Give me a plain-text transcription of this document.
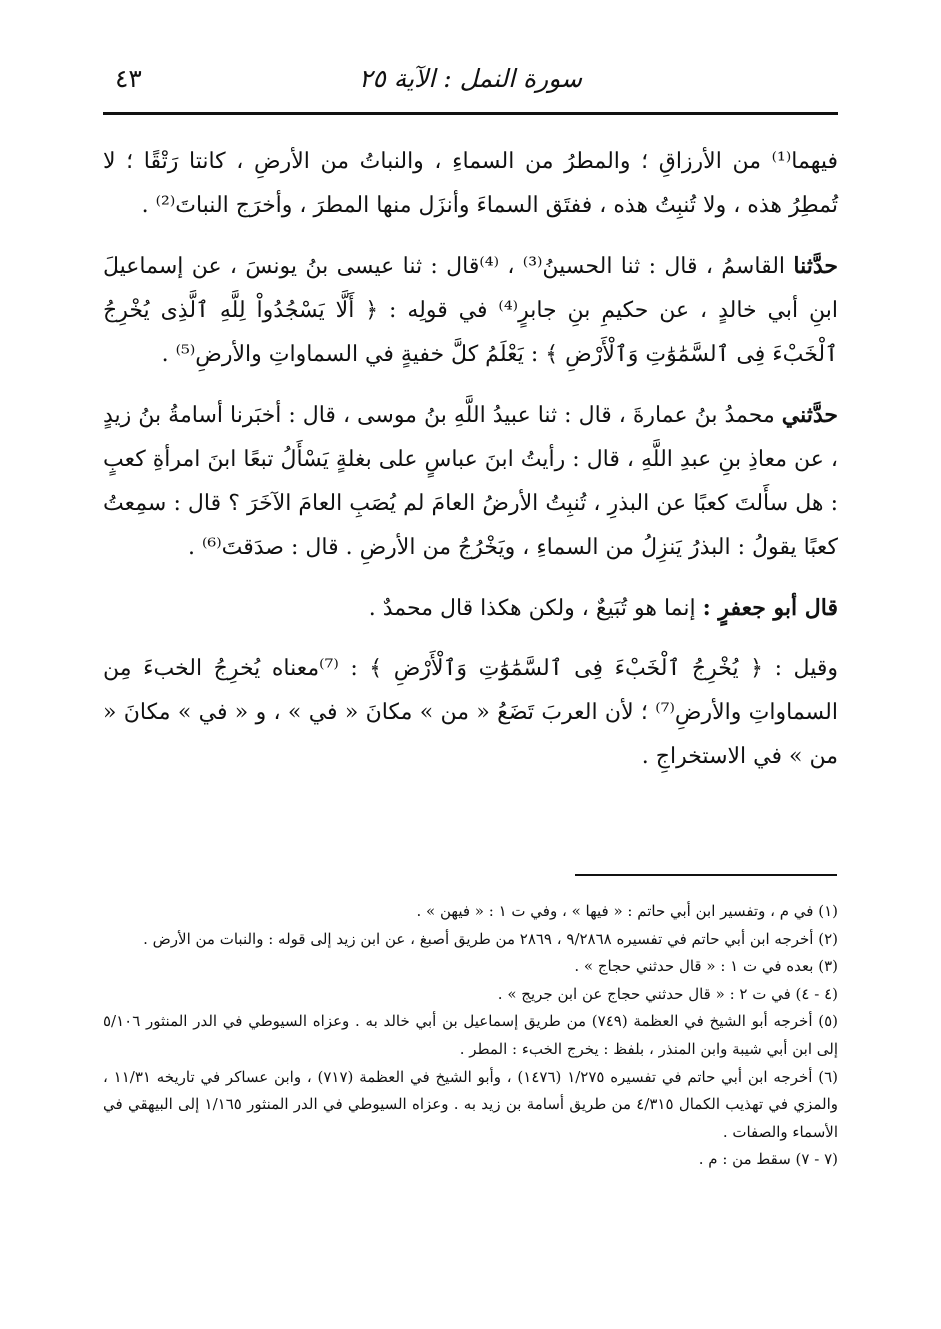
٤٣	سورة النمل : الآية ٢٥

فيهما⁽¹⁾ من الأرزاقِ ؛ والمطرُ من السماءِ ، والنباتُ من الأرضِ ، كانتا رَتْقًا ؛ لا تُمطِرُ هذه ، ولا تُنبِتُ هذه ، ففتَق السماءَ وأنزَل منها المطرَ ، وأخرَج النباتَ⁽²⁾ .

حدَّثنا القاسمُ ، قال : ثنا الحسينُ⁽³⁾ ، ⁽⁴⁾قال : ثنا عيسى بنُ يونسَ ، عن إسماعيلَ ابنِ أبي خالدٍ ، عن حكيمِ بنِ جابرٍ⁽⁴⁾ في قولِه : ﴿ أَلَّا يَسْجُدُواْ لِلَّهِ ٱلَّذِى يُخْرِجُ ٱلْخَبْءَ فِى ٱلسَّمَٰوَٰتِ وَٱلْأَرْضِ ﴾ : يَعْلَمُ كلَّ خفيةٍ في السماواتِ والأرضِ⁽⁵⁾ .

حدَّثني محمدُ بنُ عمارةَ ، قال : ثنا عبيدُ اللَّهِ بنُ موسى ، قال : أخبَرنا أسامةُ بنُ زيدٍ ، عن معاذِ بنِ عبدِ اللَّهِ ، قال : رأيتُ ابنَ عباسٍ على بغلةٍ يَسْأَلُ تبعًا ابنَ امرأةِ كعبٍ : هل سأَلتَ كعبًا عن البذرِ ، تُنبِتُ الأرضُ العامَ لم يُصَبِ العامَ الآخَرَ ؟ قال : سمِعتُ كعبًا يقولُ : البذرُ يَنزِلُ من السماءِ ، ويَخْرُجُ من الأرضِ . قال : صدَقتَ⁽⁶⁾ .

قال أبو جعفرٍ : إنما هو تُبَيعٌ ، ولكن هكذا قال محمدٌ .

وقيل : ﴿ يُخْرِجُ ٱلْخَبْءَ فِى ٱلسَّمَٰوَٰتِ وَٱلْأَرْضِ ﴾ : ⁽⁷⁾معناه يُخرِجُ الخبءَ مِن السماواتِ والأرضِ⁽⁷⁾ ؛ لأن العربَ تَضَعُ « من » مكانَ « في » ، و « في » مكانَ « من » في الاستخراجِ .

(١) في م ، وتفسير ابن أبي حاتم : « فيها » ، وفي ت ١ : « فيهن » .

(٢) أخرجه ابن أبي حاتم في تفسيره ٩/٢٨٦٨ ، ٢٨٦٩ من طريق أصبغ ، عن ابن زيد إلى قوله : والنبات من الأرض .

(٣) بعده في ت ١ : « قال حدثني حجاج » .

(٤ - ٤) في ت ٢ : « قال حدثني حجاج عن ابن جريج » .

(٥) أخرجه أبو الشيخ في العظمة (٧٤٩) من طريق إسماعيل بن أبي خالد به . وعزاه السيوطي في الدر المنثور ٥/١٠٦ إلى ابن أبي شيبة وابن المنذر ، بلفظ : يخرج الخبء : المطر .

(٦) أخرجه ابن أبي حاتم في تفسيره ١/٢٧٥ (١٤٧٦) ، وأبو الشيخ في العظمة (٧١٧) ، وابن عساكر في تاريخه ١١/٣١ ، والمزي في تهذيب الكمال ٤/٣١٥ من طريق أسامة بن زيد به . وعزاه السيوطي في الدر المنثور ١/١٦٥ إلى البيهقي في الأسماء والصفات .

(٧ - ٧) سقط من : م .
